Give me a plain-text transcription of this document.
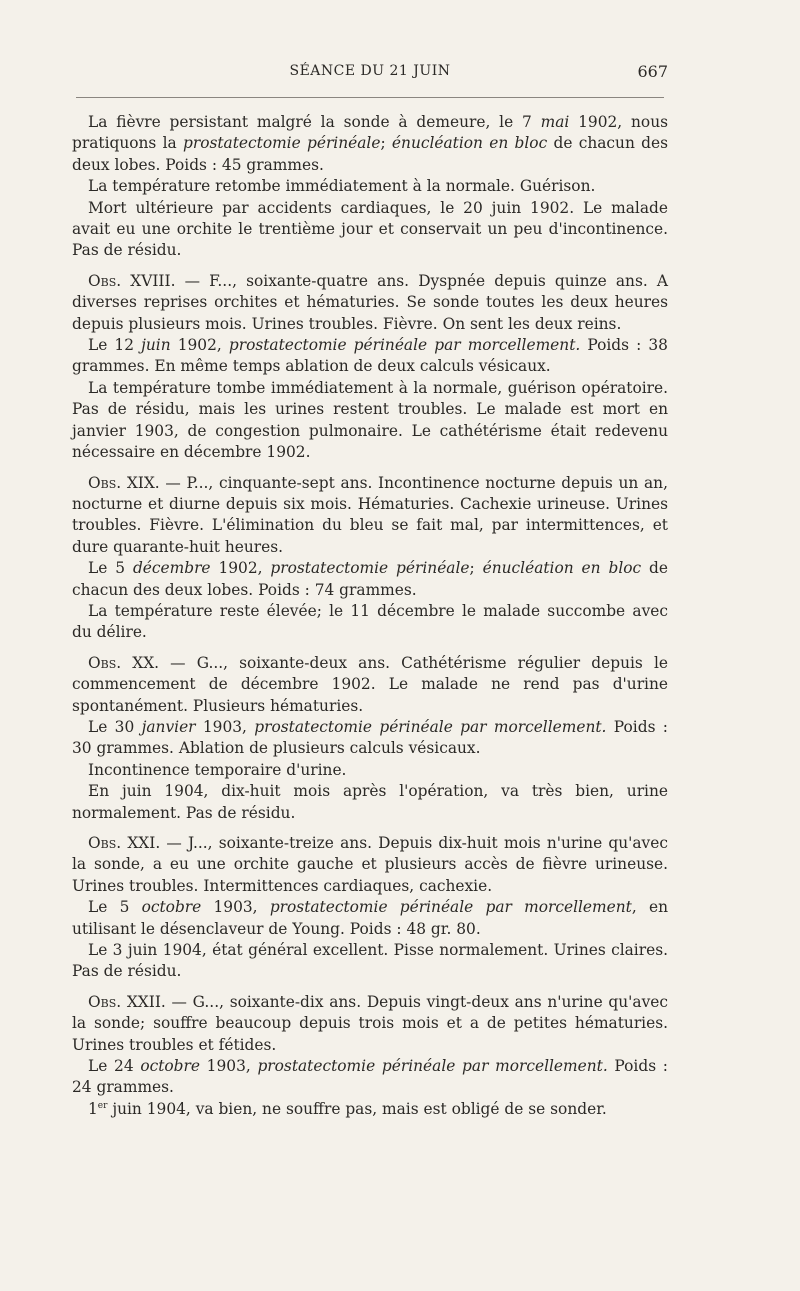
SÉANCE DU 21 JUIN	667

La fièvre persistant malgré la sonde à demeure, le 7 mai 1902, nous pratiquons la prostatectomie périnéale; énucléation en bloc de chacun des deux lobes. Poids : 45 grammes.

La température retombe immédiatement à la normale. Guérison.

Mort ultérieure par accidents cardiaques, le 20 juin 1902. Le malade avait eu une orchite le trentième jour et conservait un peu d'incontinence. Pas de résidu.

Obs. XVIII. — F..., soixante-quatre ans. Dyspnée depuis quinze ans. A diverses reprises orchites et hématuries. Se sonde toutes les deux heures depuis plusieurs mois. Urines troubles. Fièvre. On sent les deux reins.

Le 12 juin 1902, prostatectomie périnéale par morcellement. Poids : 38 grammes. En même temps ablation de deux calculs vésicaux.

La température tombe immédiatement à la normale, guérison opératoire. Pas de résidu, mais les urines restent troubles. Le malade est mort en janvier 1903, de congestion pulmonaire. Le cathétérisme était redevenu nécessaire en décembre 1902.

Obs. XIX. — P..., cinquante-sept ans. Incontinence nocturne depuis un an, nocturne et diurne depuis six mois. Hématuries. Cachexie urineuse. Urines troubles. Fièvre. L'élimination du bleu se fait mal, par intermittences, et dure quarante-huit heures.

Le 5 décembre 1902, prostatectomie périnéale; énucléation en bloc de chacun des deux lobes. Poids : 74 grammes.

La température reste élevée; le 11 décembre le malade succombe avec du délire.

Obs. XX. — G..., soixante-deux ans. Cathétérisme régulier depuis le commencement de décembre 1902. Le malade ne rend pas d'urine spontanément. Plusieurs hématuries.

Le 30 janvier 1903, prostatectomie périnéale par morcellement. Poids : 30 grammes. Ablation de plusieurs calculs vésicaux.

Incontinence temporaire d'urine.

En juin 1904, dix-huit mois après l'opération, va très bien, urine normalement. Pas de résidu.

Obs. XXI. — J..., soixante-treize ans. Depuis dix-huit mois n'urine qu'avec la sonde, a eu une orchite gauche et plusieurs accès de fièvre urineuse. Urines troubles. Intermittences cardiaques, cachexie.

Le 5 octobre 1903, prostatectomie périnéale par morcellement, en utilisant le désenclaveur de Young. Poids : 48 gr. 80.

Le 3 juin 1904, état général excellent. Pisse normalement. Urines claires. Pas de résidu.

Obs. XXII. — G..., soixante-dix ans. Depuis vingt-deux ans n'urine qu'avec la sonde; souffre beaucoup depuis trois mois et a de petites hématuries. Urines troubles et fétides.

Le 24 octobre 1903, prostatectomie périnéale par morcellement. Poids : 24 grammes.

1er juin 1904, va bien, ne souffre pas, mais est obligé de se sonder.
